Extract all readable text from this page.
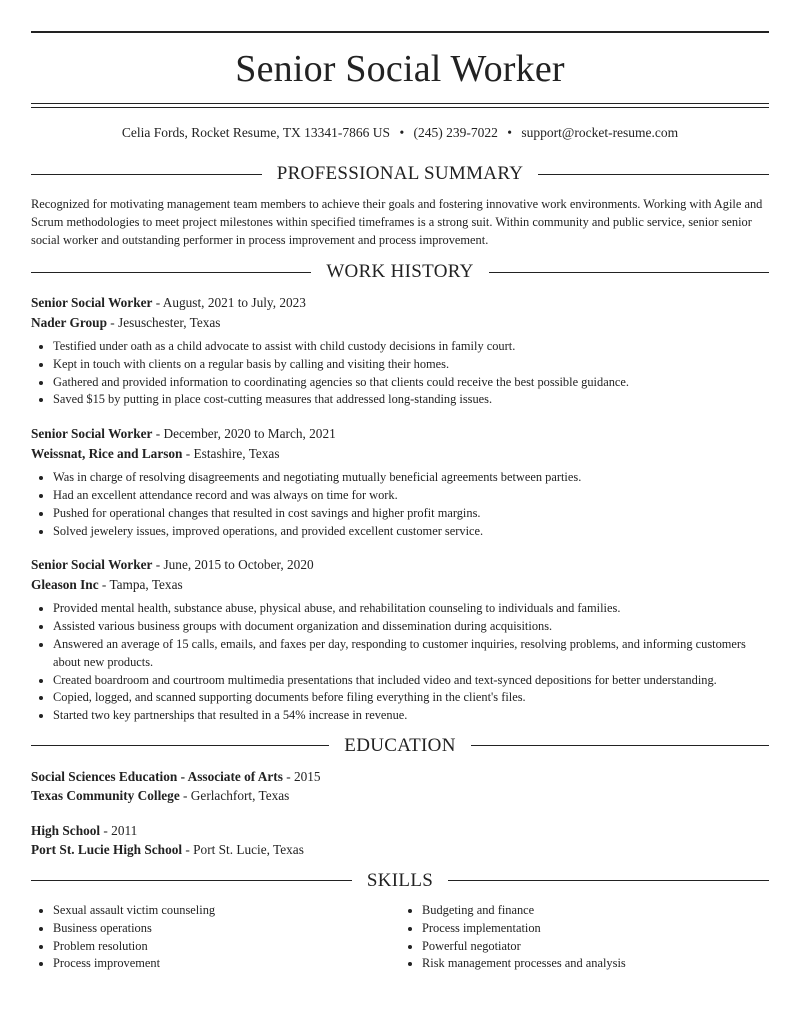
Senior Social Worker
Celia Fords, Rocket Resume, TX 13341-7866 US • (245) 239-7022 • support@rocket-resume.com
PROFESSIONAL SUMMARY

Recognized for motivating management team members to achieve their goals and fostering innovative work environments. Working with Agile and Scrum methodologies to meet project milestones within specified timeframes is a strong suit. Within community and public service, senior senior social worker and outstanding performer in process improvement and process improvement.

WORK HISTORY
Senior Social Worker - August, 2021 to July, 2023
Nader Group - Jesuschester, Texas
• Testified under oath as a child advocate to assist with child custody decisions in family court.
• Kept in touch with clients on a regular basis by calling and visiting their homes.
• Gathered and provided information to coordinating agencies so that clients could receive the best possible guidance.
• Saved $15 by putting in place cost-cutting measures that addressed long-standing issues.
Senior Social Worker - December, 2020 to March, 2021
Weissnat, Rice and Larson - Estashire, Texas
• Was in charge of resolving disagreements and negotiating mutually beneficial agreements between parties.
• Had an excellent attendance record and was always on time for work.
• Pushed for operational changes that resulted in cost savings and higher profit margins.
• Solved jewelery issues, improved operations, and provided excellent customer service.
Senior Social Worker - June, 2015 to October, 2020
Gleason Inc - Tampa, Texas
• Provided mental health, substance abuse, physical abuse, and rehabilitation counseling to individuals and families.
• Assisted various business groups with document organization and dissemination during acquisitions.
• Answered an average of 15 calls, emails, and faxes per day, responding to customer inquiries, resolving problems, and informing customers about new products.
• Created boardroom and courtroom multimedia presentations that included video and text-synced depositions for better understanding.
• Copied, logged, and scanned supporting documents before filing everything in the client's files.
• Started two key partnerships that resulted in a 54% increase in revenue.
EDUCATION
Social Sciences Education - Associate of Arts - 2015
Texas Community College - Gerlachfort, Texas
High School - 2011
Port St. Lucie High School - Port St. Lucie, Texas
SKILLS
• Sexual assault victim counseling
• Business operations
• Problem resolution
• Process improvement
• Budgeting and finance
• Process implementation
• Powerful negotiator
• Risk management processes and analysis
